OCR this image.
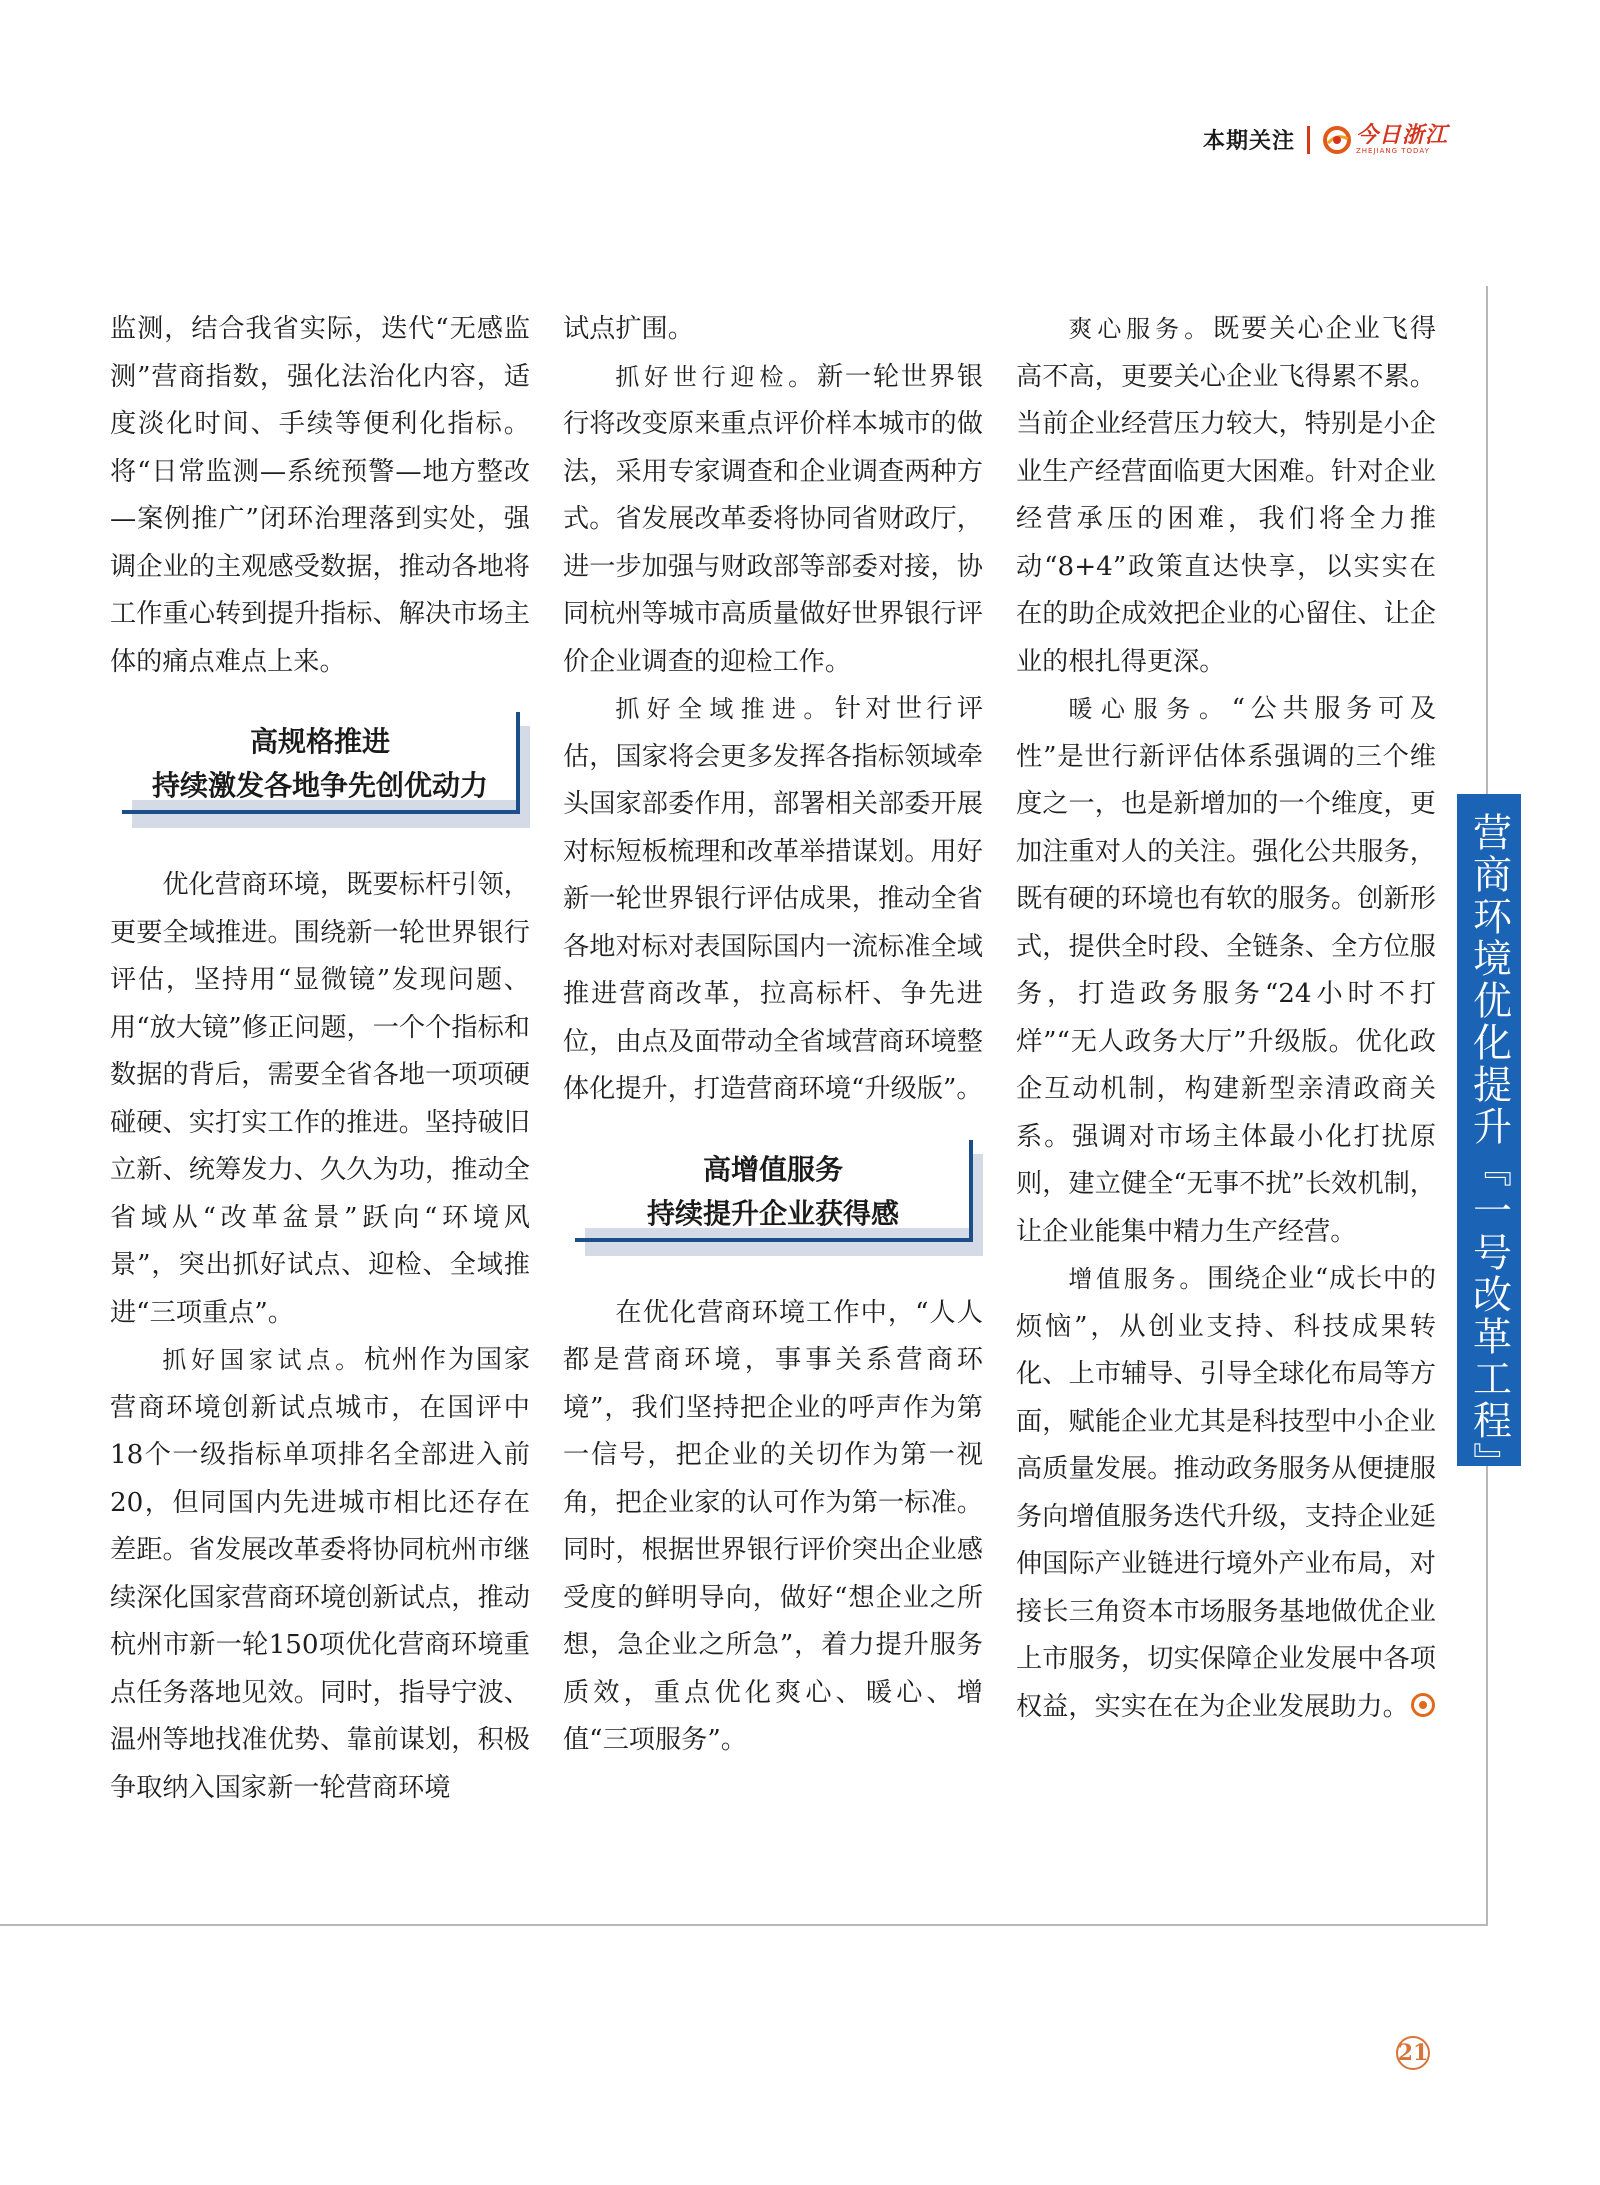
本期关注	今日浙江
ZHEJIANG TODAY

监测，结合我省实际，迭代“无感监测”营商指数，强化法治化内容，适度淡化时间、手续等便利化指标。将“日常监测—系统预警—地方整改—案例推广”闭环治理落到实处，强调企业的主观感受数据，推动各地将工作重心转到提升指标、解决市场主体的痛点难点上来。

高规格推进
持续激发各地争先创优动力

优化营商环境，既要标杆引领，更要全域推进。围绕新一轮世界银行评估，坚持用“显微镜”发现问题、用“放大镜”修正问题，一个个指标和数据的背后，需要全省各地一项项硬碰硬、实打实工作的推进。坚持破旧立新、统筹发力、久久为功，推动全省域从“改革盆景”跃向“环境风景”，突出抓好试点、迎检、全域推进“三项重点”。

抓好国家试点。杭州作为国家营商环境创新试点城市，在国评中18个一级指标单项排名全部进入前20，但同国内先进城市相比还存在差距。省发展改革委将协同杭州市继续深化国家营商环境创新试点，推动杭州市新一轮150项优化营商环境重点任务落地见效。同时，指导宁波、温州等地找准优势、靠前谋划，积极争取纳入国家新一轮营商环境

试点扩围。

抓好世行迎检。新一轮世界银行将改变原来重点评价样本城市的做法，采用专家调查和企业调查两种方式。省发展改革委将协同省财政厅，进一步加强与财政部等部委对接，协同杭州等城市高质量做好世界银行评价企业调查的迎检工作。

抓好全域推进。针对世行评估，国家将会更多发挥各指标领域牵头国家部委作用，部署相关部委开展对标短板梳理和改革举措谋划。用好新一轮世界银行评估成果，推动全省各地对标对表国际国内一流标准全域推进营商改革，拉高标杆、争先进位，由点及面带动全省域营商环境整体化提升，打造营商环境“升级版”。

高增值服务
持续提升企业获得感

在优化营商环境工作中，“人人都是营商环境，事事关系营商环境”，我们坚持把企业的呼声作为第一信号，把企业的关切作为第一视角，把企业家的认可作为第一标准。同时，根据世界银行评价突出企业感受度的鲜明导向，做好“想企业之所想，急企业之所急”，着力提升服务质效，重点优化爽心、暖心、增值“三项服务”。

爽心服务。既要关心企业飞得高不高，更要关心企业飞得累不累。当前企业经营压力较大，特别是小企业生产经营面临更大困难。针对企业经营承压的困难，我们将全力推动“8+4”政策直达快享，以实实在在的助企成效把企业的心留住、让企业的根扎得更深。

暖心服务。“公共服务可及性”是世行新评估体系强调的三个维度之一，也是新增加的一个维度，更加注重对人的关注。强化公共服务，既有硬的环境也有软的服务。创新形式，提供全时段、全链条、全方位服务，打造政务服务“24小时不打烊”“无人政务大厅”升级版。优化政企互动机制，构建新型亲清政商关系。强调对市场主体最小化打扰原则，建立健全“无事不扰”长效机制，让企业能集中精力生产经营。

增值服务。围绕企业“成长中的烦恼”，从创业支持、科技成果转化、上市辅导、引导全球化布局等方面，赋能企业尤其是科技型中小企业高质量发展。推动政务服务从便捷服务向增值服务迭代升级，支持企业延伸国际产业链进行境外产业布局，对接长三角资本市场服务基地做优企业上市服务，切实保障企业发展中各项权益，实实在在为企业发展助力。

营商环境优化提升『一号改革工程』
21
